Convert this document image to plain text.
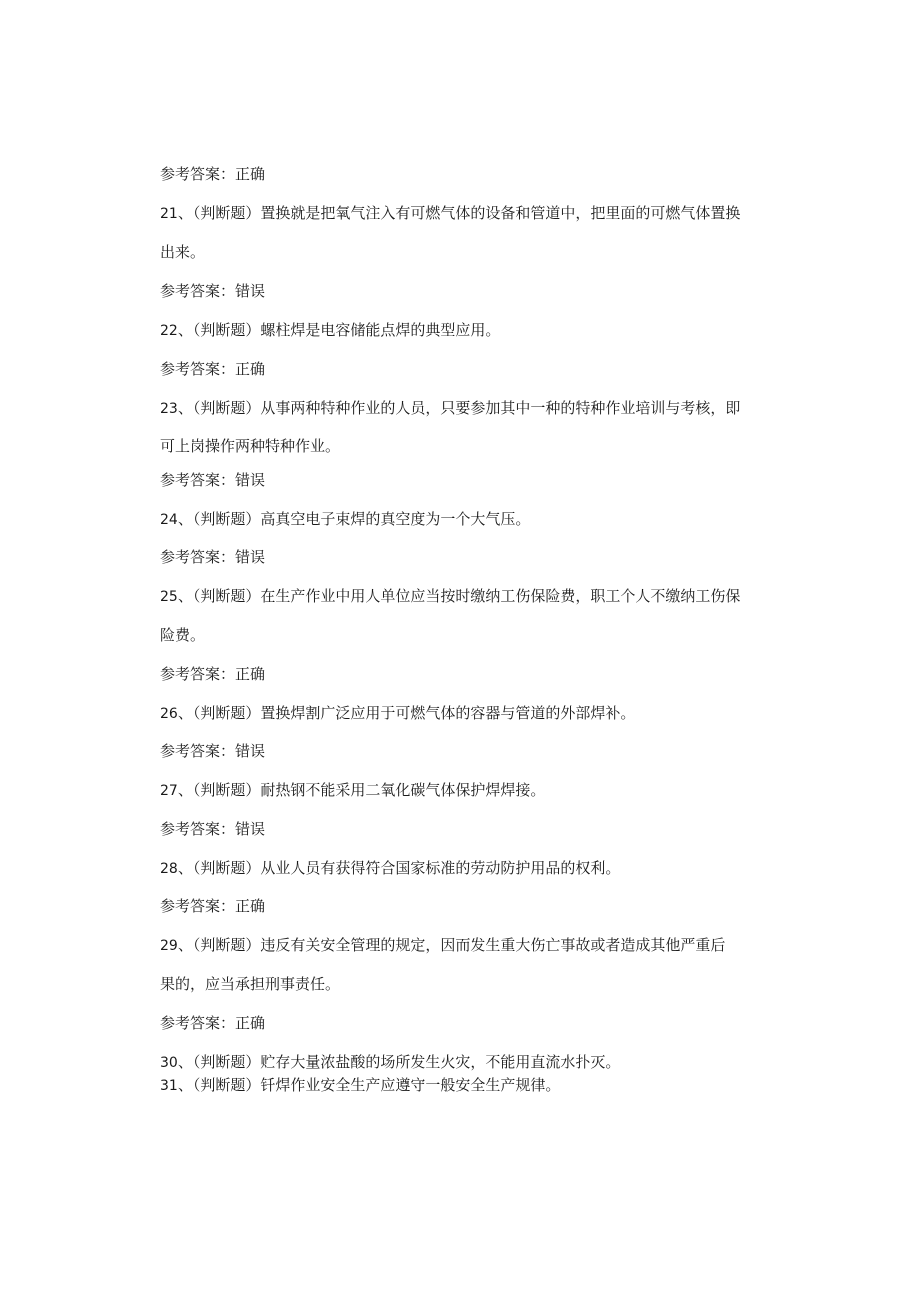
参考答案：正确
21、（判断题）置换就是把氧气注入有可燃气体的设备和管道中，把里面的可燃气体置换
出来。
参考答案：错误
22、（判断题）螺柱焊是电容储能点焊的典型应用。
参考答案：正确
23、（判断题）从事两种特种作业的人员，只要参加其中一种的特种作业培训与考核，即
可上岗操作两种特种作业。
参考答案：错误
24、（判断题）高真空电子束焊的真空度为一个大气压。
参考答案：错误
25、（判断题）在生产作业中用人单位应当按时缴纳工伤保险费，职工个人不缴纳工伤保
险费。
参考答案：正确
26、（判断题）置换焊割广泛应用于可燃气体的容器与管道的外部焊补。
参考答案：错误
27、（判断题）耐热钢不能采用二氧化碳气体保护焊焊接。
参考答案：错误
28、（判断题）从业人员有获得符合国家标准的劳动防护用品的权利。
参考答案：正确
29、（判断题）违反有关安全管理的规定，因而发生重大伤亡事故或者造成其他严重后
果的，应当承担刑事责任。
参考答案：正确
30、（判断题）贮存大量浓盐酸的场所发生火灾，不能用直流水扑灭。
31、（判断题）钎焊作业安全生产应遵守一般安全生产规律。
